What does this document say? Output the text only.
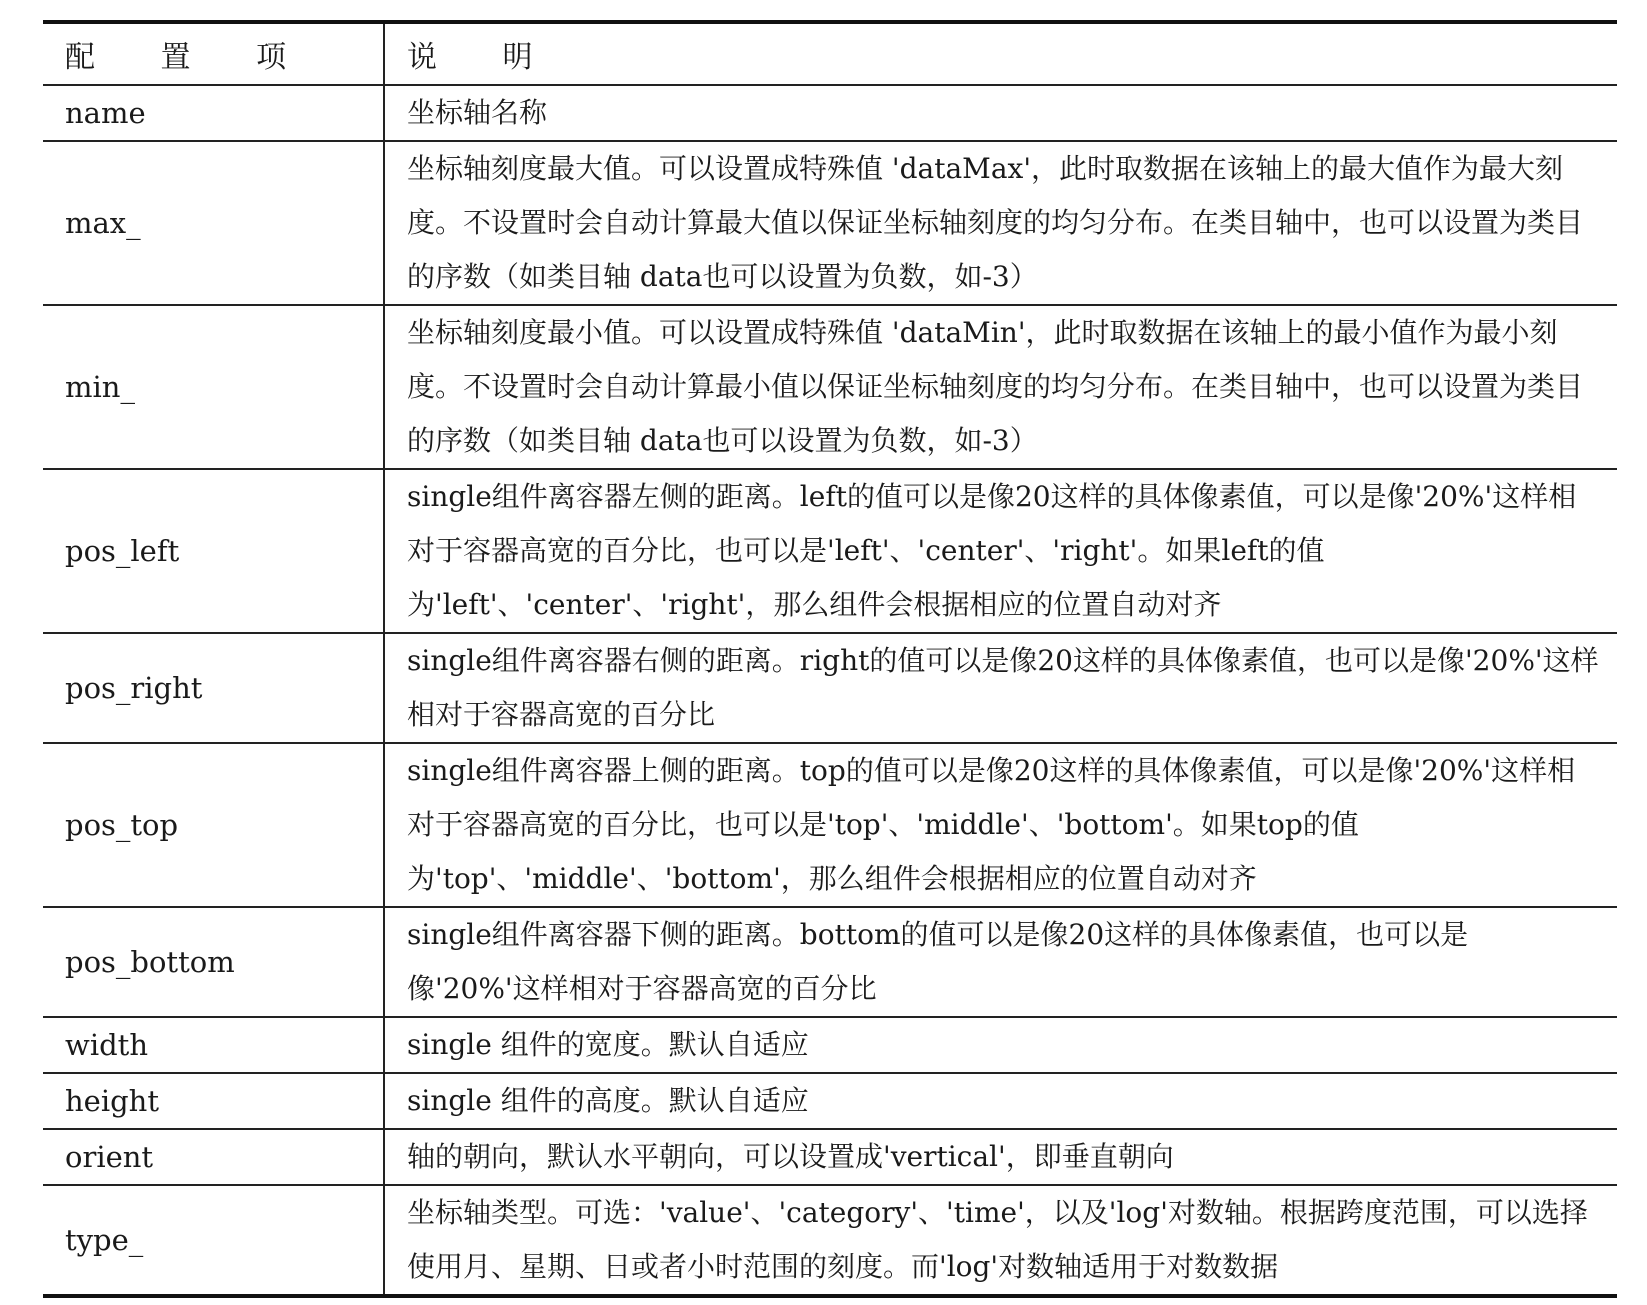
配 置 项	说 明
name	坐标轴名称
max_	坐标轴刻度最大值。可以设置成特殊值 'dataMax'，此时取数据在该轴上的最大值作为最大刻度。不设置时会自动计算最大值以保证坐标轴刻度的均匀分布。在类目轴中，也可以设置为类目的序数（如类目轴 data也可以设置为负数，如-3）
min_	坐标轴刻度最小值。可以设置成特殊值 'dataMin'，此时取数据在该轴上的最小值作为最小刻度。不设置时会自动计算最小值以保证坐标轴刻度的均匀分布。在类目轴中，也可以设置为类目的序数（如类目轴 data也可以设置为负数，如-3）
pos_left	single组件离容器左侧的距离。left的值可以是像20这样的具体像素值，可以是像'20%'这样相对于容器高宽的百分比，也可以是'left'、'center'、'right'。如果left的值为'left'、'center'、'right'，那么组件会根据相应的位置自动对齐
pos_right	single组件离容器右侧的距离。right的值可以是像20这样的具体像素值，也可以是像'20%'这样相对于容器高宽的百分比
pos_top	single组件离容器上侧的距离。top的值可以是像20这样的具体像素值，可以是像'20%'这样相对于容器高宽的百分比，也可以是'top'、'middle'、'bottom'。如果top的值为'top'、'middle'、'bottom'，那么组件会根据相应的位置自动对齐
pos_bottom	single组件离容器下侧的距离。bottom的值可以是像20这样的具体像素值，也可以是像'20%'这样相对于容器高宽的百分比
width	single 组件的宽度。默认自适应
height	single 组件的高度。默认自适应
orient	轴的朝向，默认水平朝向，可以设置成'vertical'，即垂直朝向
type_	坐标轴类型。可选：'value'、'category'、'time'，以及'log'对数轴。根据跨度范围，可以选择使用月、星期、日或者小时范围的刻度。而'log'对数轴适用于对数数据
